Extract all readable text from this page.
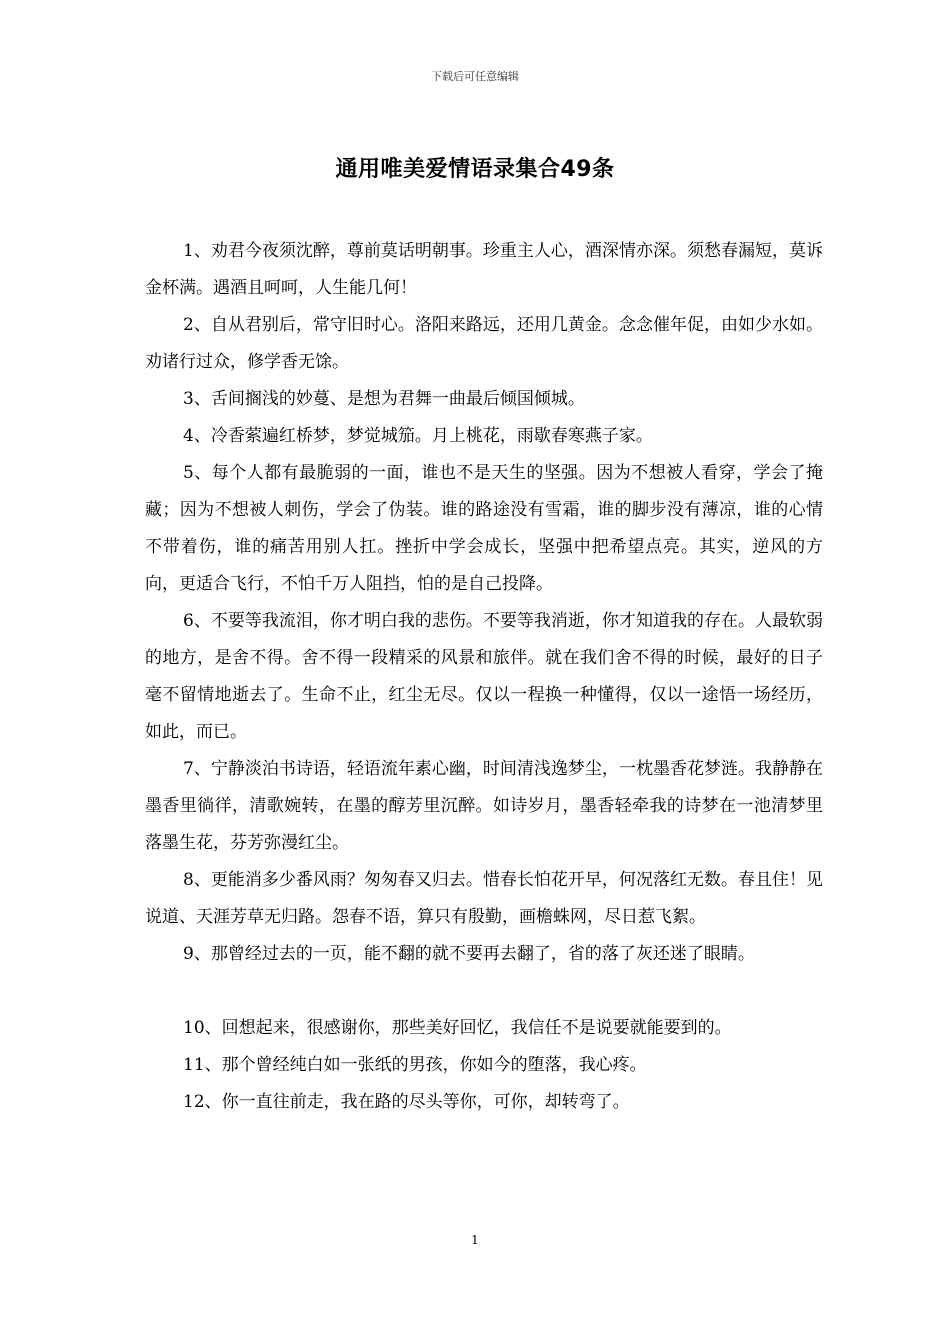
下载后可任意编辑
通用唯美爱情语录集合49条

1、劝君今夜须沈醉，尊前莫话明朝事。珍重主人心，酒深情亦深。须愁春漏短，莫诉金杯满。遇酒且呵呵，人生能几何！

2、自从君别后，常守旧时心。洛阳来路远，还用几黄金。念念催年促，由如少水如。劝诸行过众，修学香无馀。

3、舌间搁浅的妙蔓、是想为君舞一曲最后倾国倾城。

4、冷香萦遍红桥梦，梦觉城笳。月上桃花，雨歇春寒燕子家。

5、每个人都有最脆弱的一面，谁也不是天生的坚强。因为不想被人看穿，学会了掩藏；因为不想被人刺伤，学会了伪装。谁的路途没有雪霜，谁的脚步没有薄凉，谁的心情不带着伤，谁的痛苦用别人扛。挫折中学会成长，坚强中把希望点亮。其实，逆风的方向，更适合飞行，不怕千万人阻挡，怕的是自己投降。

6、不要等我流泪，你才明白我的悲伤。不要等我消逝，你才知道我的存在。人最软弱的地方，是舍不得。舍不得一段精采的风景和旅伴。就在我们舍不得的时候，最好的日子毫不留情地逝去了。生命不止，红尘无尽。仅以一程换一种懂得，仅以一途悟一场经历，如此，而已。

7、宁静淡泊书诗语，轻语流年素心幽，时间清浅逸梦尘，一枕墨香花梦涟。我静静在墨香里徜徉，清歌婉转，在墨的醇芳里沉醉。如诗岁月，墨香轻牵我的诗梦在一池清梦里落墨生花，芬芳弥漫红尘。

8、更能消多少番风雨？匆匆春又归去。惜春长怕花开早，何况落红无数。春且住！见说道、天涯芳草无归路。怨春不语，算只有殷勤，画檐蛛网，尽日惹飞絮。

9、那曾经过去的一页，能不翻的就不要再去翻了，省的落了灰还迷了眼睛。

10、回想起来，很感谢你，那些美好回忆，我信任不是说要就能要到的。

11、那个曾经纯白如一张纸的男孩，你如今的堕落，我心疼。

12、你一直往前走，我在路的尽头等你，可你，却转弯了。

1
